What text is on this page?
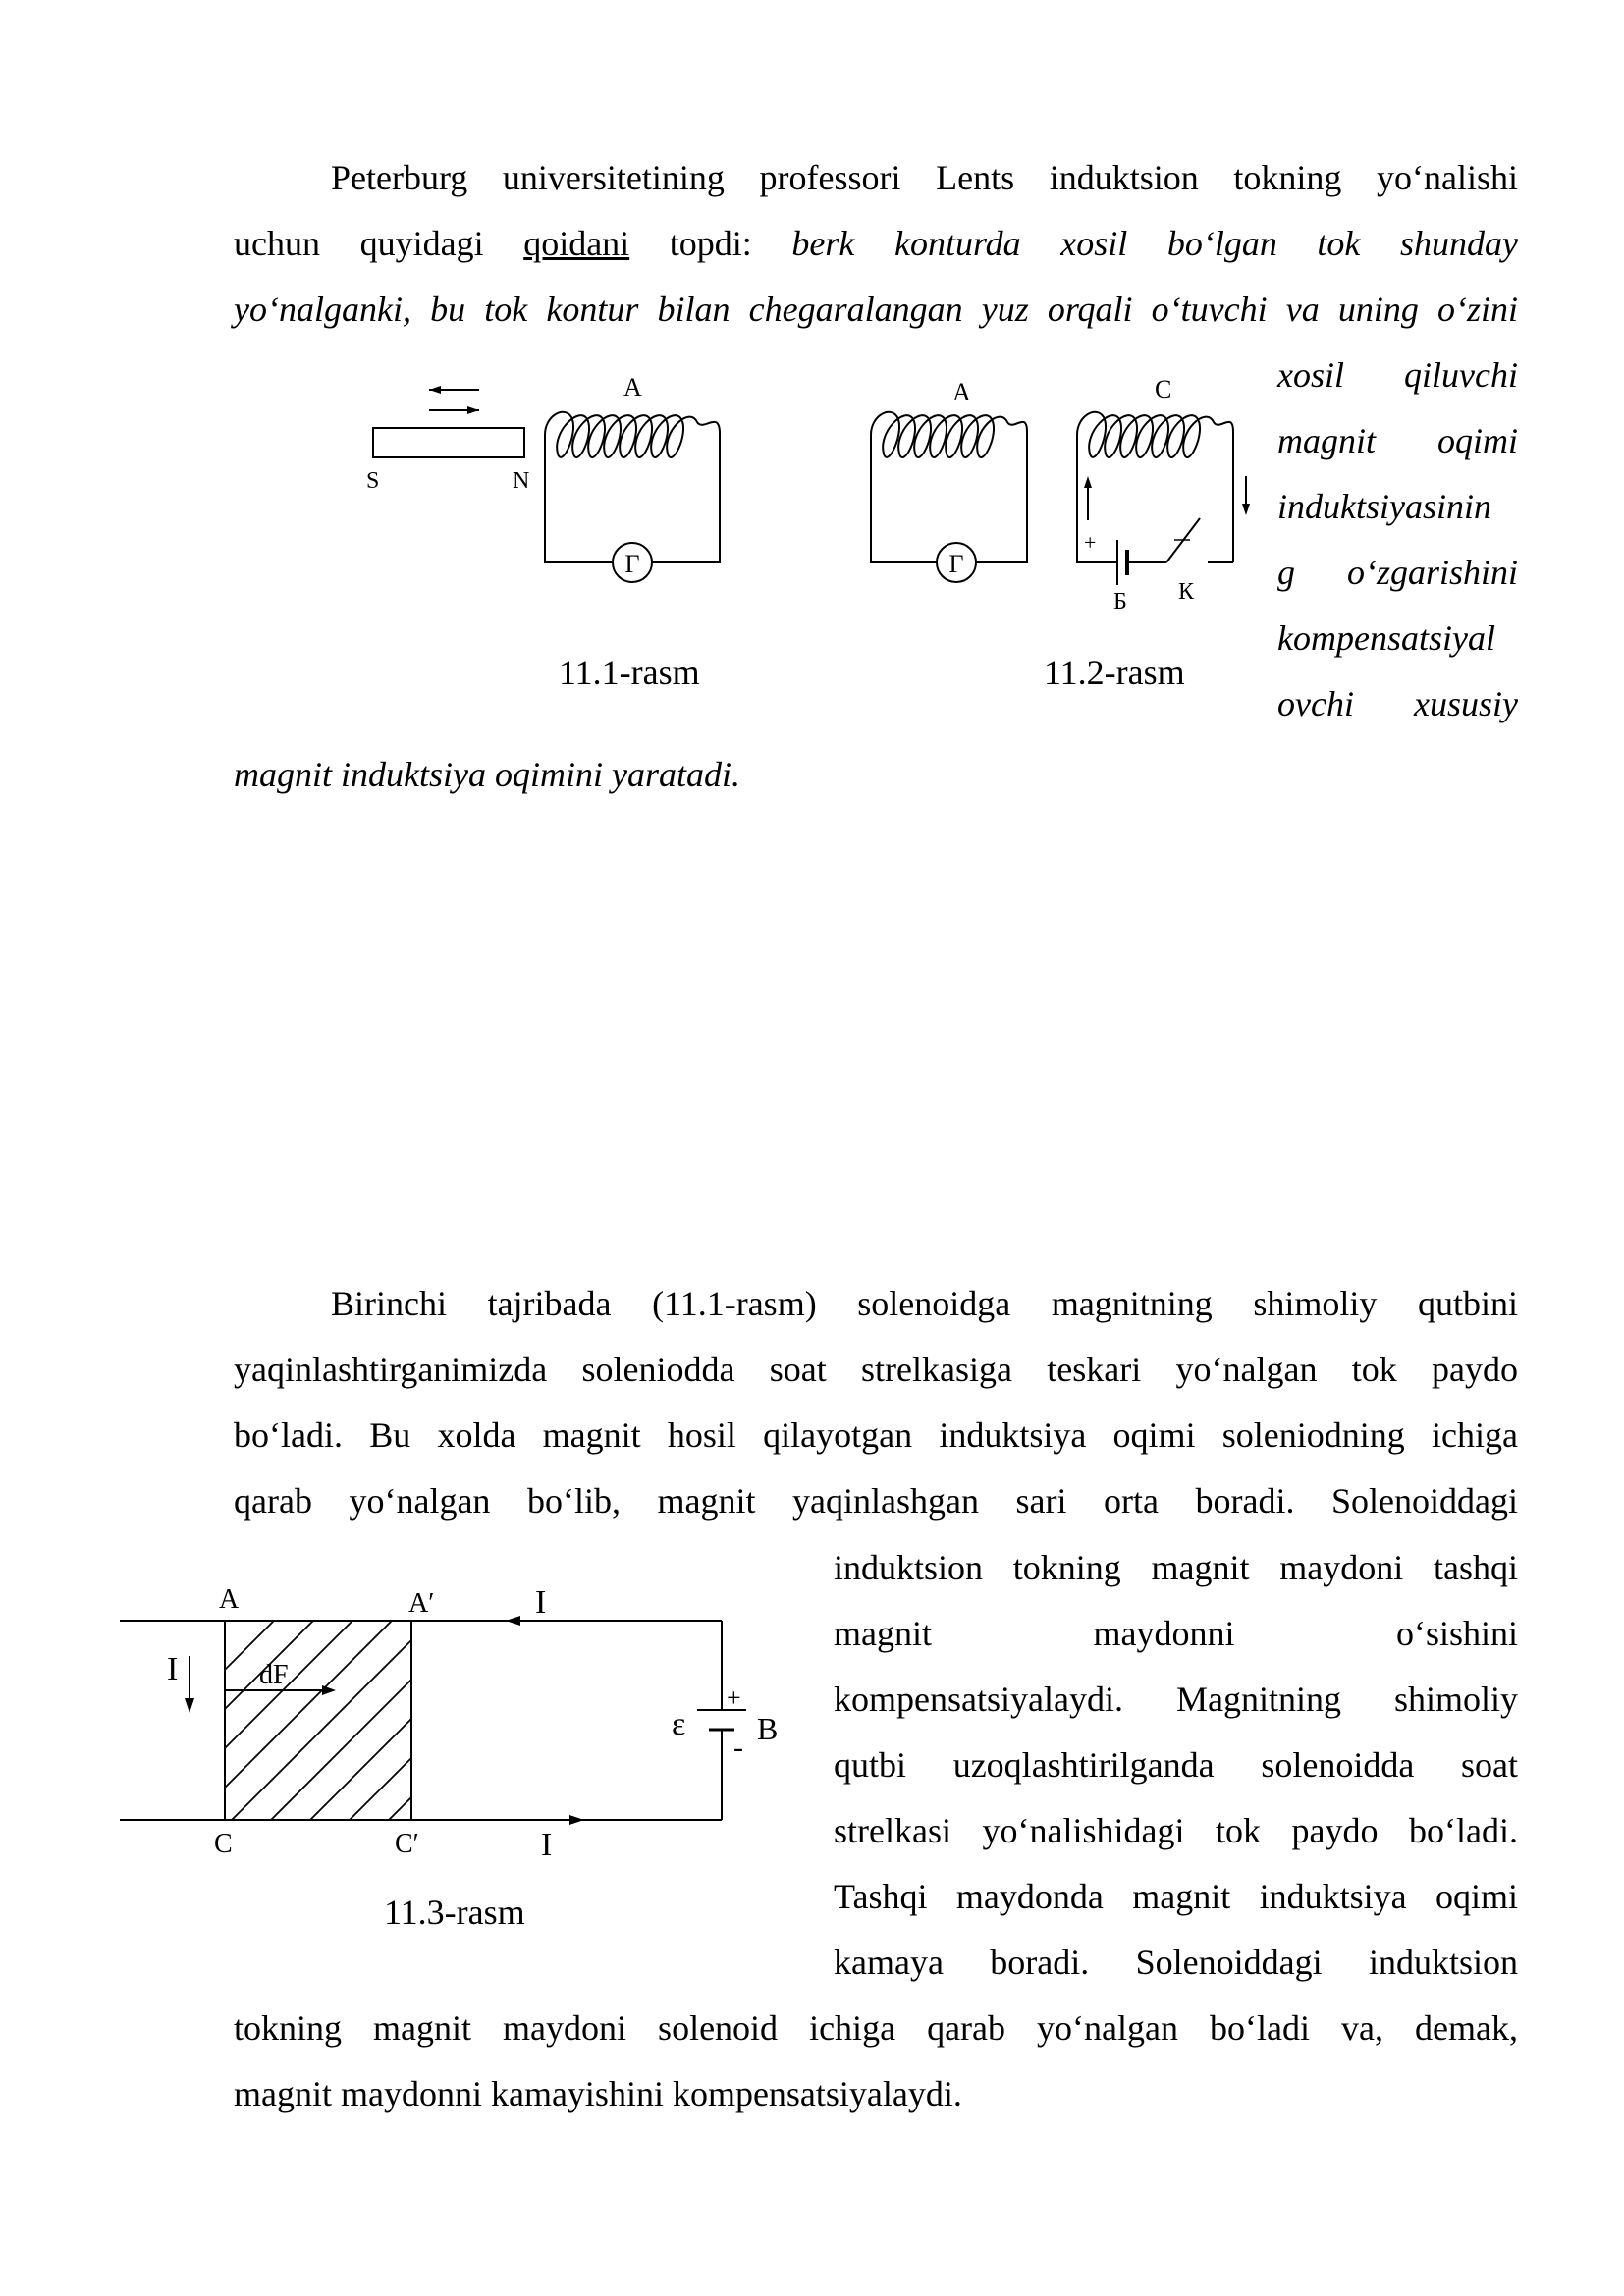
Peterburg universitetining professori Lents induktsion tokning yo‘nalishi
uchun quyidagi qoidani topdi: berk konturda xosil bo‘lgan tok shunday
yo‘nalganki, bu tok kontur bilan chegaralangan yuz orqali o‘tuvchi va uning o‘zini
xosil qiluvchi
magnit oqimi
induktsiyasinin
g o‘zgarishini
kompensatsiyal
ovchi xususiy
magnit induktsiya oqimini yaratadi.
A
S	N
Г
A	C
Г
+
Б К
A	A′	I
I	dF
ε
+
B
-
C	C′	I
11.1-rasm	11.2-rasm
Birinchi tajribada (11.1-rasm) solenoidga magnitning shimoliy qutbini
yaqinlashtirganimizda soleniodda soat strelkasiga teskari yo‘nalgan tok paydo
bo‘ladi. Bu xolda magnit hosil qilayotgan induktsiya oqimi soleniodning ichiga
qarab yo‘nalgan bo‘lib, magnit yaqinlashgan sari orta boradi. Solenoiddagi
induktsion tokning magnit maydoni tashqi
magnit maydonni o‘sishini
kompensatsiyalaydi. Magnitning shimoliy
qutbi uzoqlashtirilganda solenoidda soat
strelkasi yo‘nalishidagi tok paydo bo‘ladi.
Tashqi maydonda magnit induktsiya oqimi
kamaya boradi. Solenoiddagi induktsion
11.3-rasm
tokning magnit maydoni solenoid ichiga qarab yo‘nalgan bo‘ladi va, demak,
magnit maydonni kamayishini kompensatsiyalaydi.
